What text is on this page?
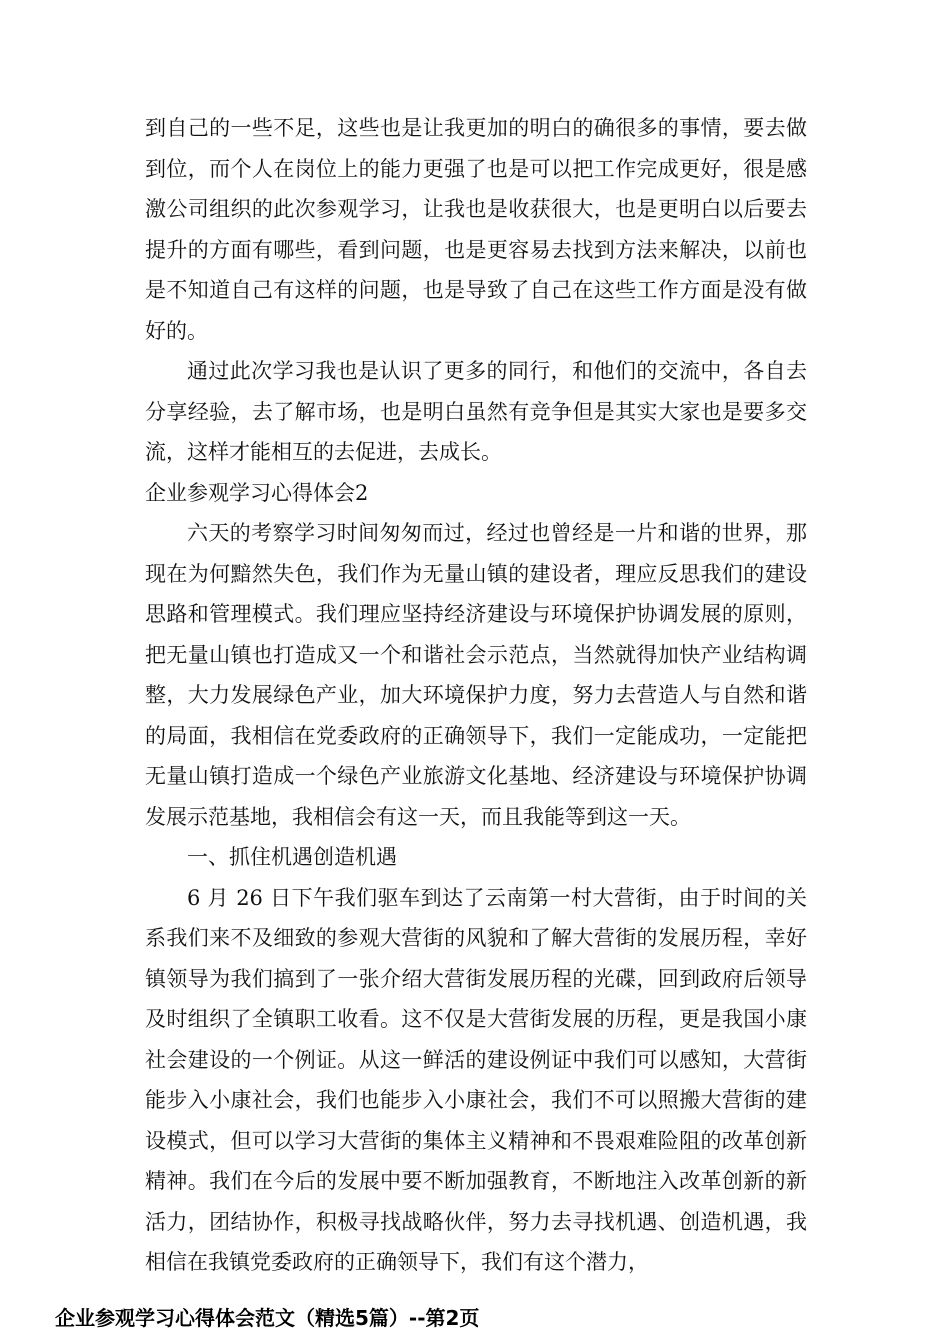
到自己的一些不足，这些也是让我更加的明白的确很多的事情，要去做到位，而个人在岗位上的能力更强了也是可以把工作完成更好，很是感激公司组织的此次参观学习，让我也是收获很大，也是更明白以后要去提升的方面有哪些，看到问题，也是更容易去找到方法来解决，以前也是不知道自己有这样的问题，也是导致了自己在这些工作方面是没有做好的。

通过此次学习我也是认识了更多的同行，和他们的交流中，各自去分享经验，去了解市场，也是明白虽然有竞争但是其实大家也是要多交流，这样才能相互的去促进，去成长。

企业参观学习心得体会2

六天的考察学习时间匆匆而过，经过也曾经是一片和谐的世界，那现在为何黯然失色，我们作为无量山镇的建设者，理应反思我们的建设思路和管理模式。我们理应坚持经济建设与环境保护协调发展的原则，把无量山镇也打造成又一个和谐社会示范点，当然就得加快产业结构调整，大力发展绿色产业，加大环境保护力度，努力去营造人与自然和谐的局面，我相信在党委政府的正确领导下，我们一定能成功，一定能把无量山镇打造成一个绿色产业旅游文化基地、经济建设与环境保护协调发展示范基地，我相信会有这一天，而且我能等到这一天。

一、抓住机遇创造机遇

6 月 26 日下午我们驱车到达了云南第一村大营街，由于时间的关系我们来不及细致的参观大营街的风貌和了解大营街的发展历程，幸好镇领导为我们搞到了一张介绍大营街发展历程的光碟，回到政府后领导及时组织了全镇职工收看。这不仅是大营街发展的历程，更是我国小康社会建设的一个例证。从这一鲜活的建设例证中我们可以感知，大营街能步入小康社会，我们也能步入小康社会，我们不可以照搬大营街的建设模式，但可以学习大营街的集体主义精神和不畏艰难险阻的改革创新精神。我们在今后的发展中要不断加强教育，不断地注入改革创新的新活力，团结协作，积极寻找战略伙伴，努力去寻找机遇、创造机遇，我相信在我镇党委政府的正确领导下，我们有这个潜力，

企业参观学习心得体会范文（精选5篇）--第2页
